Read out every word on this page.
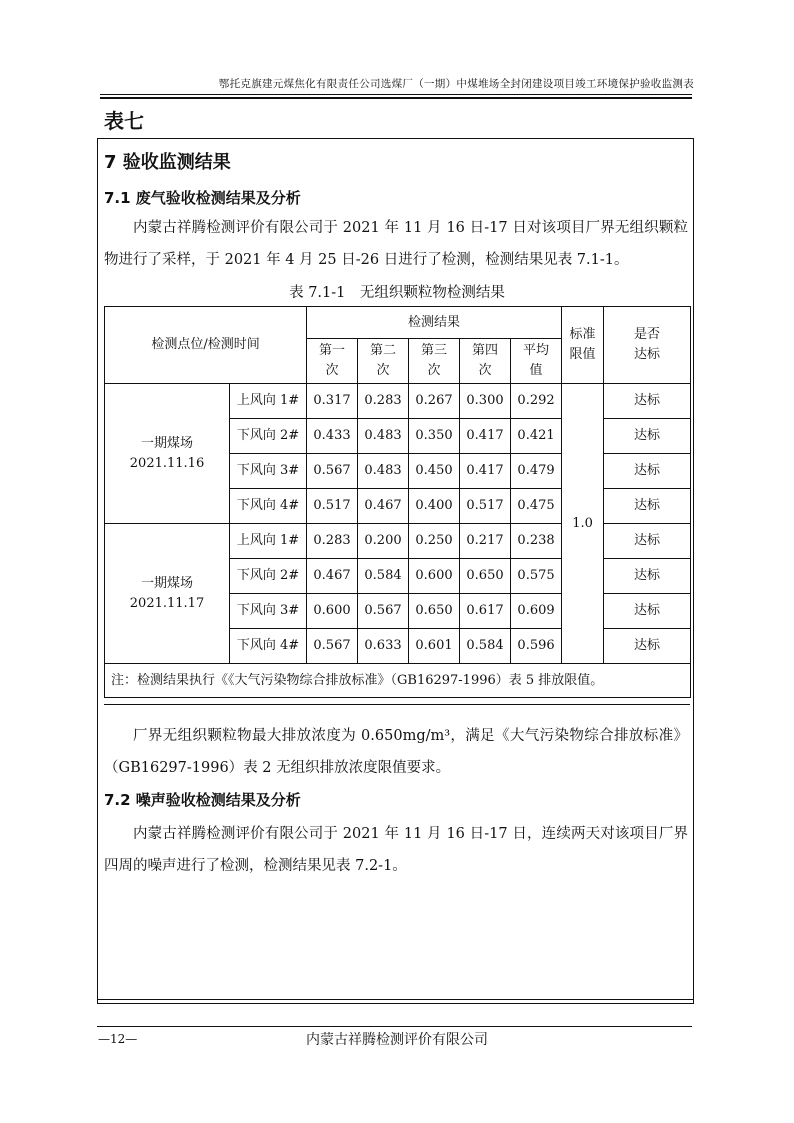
鄂托克旗建元煤焦化有限责任公司选煤厂（一期）中煤堆场全封闭建设项目竣工环境保护验收监测表
表七
7 验收监测结果
7.1 废气验收检测结果及分析
内蒙古祥腾检测评价有限公司于 2021 年 11 月 16 日-17 日对该项目厂界无组织颗粒物进行了采样，于 2021 年 4 月 25 日-26 日进行了检测，检测结果见表 7.1-1。
表 7.1-1　无组织颗粒物检测结果
检测点位/检测时间		检测结果					标准限值	是否达标

		第一次	第二次	第三次	第四次	平均值		

一期煤场
2021.11.16	上风向 1#	0.317	0.283	0.267	0.300	0.292	1.0	达标
	下风向 2#	0.433	0.483	0.350	0.417	0.421		达标
	下风向 3#	0.567	0.483	0.450	0.417	0.479		达标
	下风向 4#	0.517	0.467	0.400	0.517	0.475		达标

一期煤场
2021.11.17	上风向 1#	0.283	0.200	0.250	0.217	0.238		达标
	下风向 2#	0.467	0.584	0.600	0.650	0.575		达标
	下风向 3#	0.600	0.567	0.650	0.617	0.609		达标
	下风向 4#	0.567	0.633	0.601	0.584	0.596		达标
注：检测结果执行《《大气污染物综合排放标准》（GB16297-1996）表 5 排放限值。								
厂界无组织颗粒物最大排放浓度为 0.650mg/m³，满足《大气污染物综合排放标准》（GB16297-1996）表 2 无组织排放浓度限值要求。
7.2 噪声验收检测结果及分析
内蒙古祥腾检测评价有限公司于 2021 年 11 月 16 日-17 日，连续两天对该项目厂界四周的噪声进行了检测，检测结果见表 7.2-1。
—12—	内蒙古祥腾检测评价有限公司
